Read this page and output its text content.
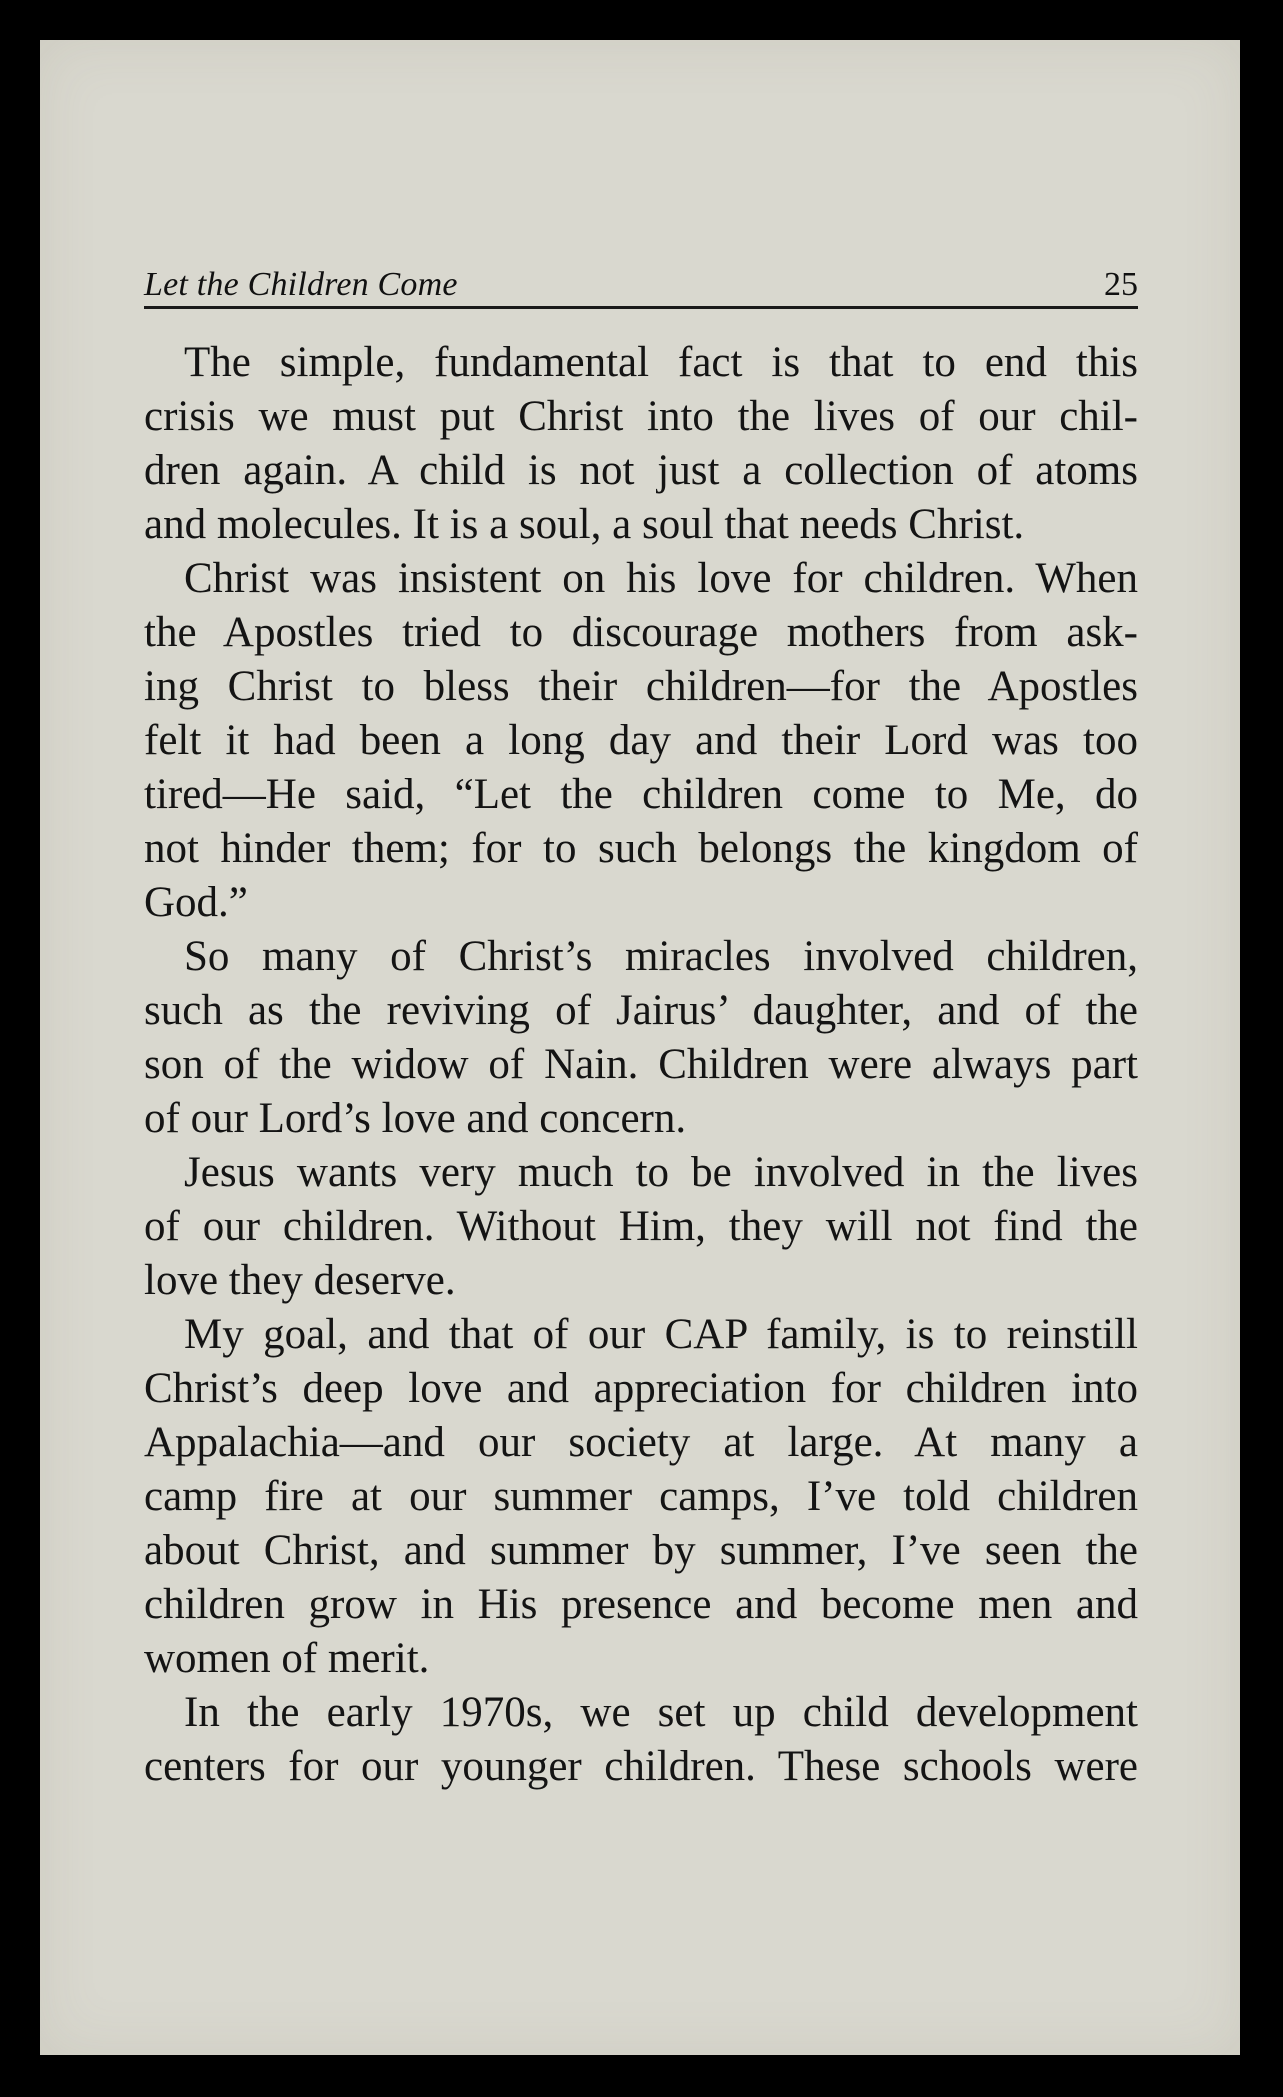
Let the Children Come	25
The simple, fundamental fact is that to end this
crisis we must put Christ into the lives of our chil-
dren again. A child is not just a collection of atoms
and molecules. It is a soul, a soul that needs Christ.
Christ was insistent on his love for children. When
the Apostles tried to discourage mothers from ask-
ing Christ to bless their children—for the Apostles
felt it had been a long day and their Lord was too
tired—He said, “Let the children come to Me, do
not hinder them; for to such belongs the kingdom of
God.”
So many of Christ’s miracles involved children,
such as the reviving of Jairus’ daughter, and of the
son of the widow of Nain. Children were always part
of our Lord’s love and concern.
Jesus wants very much to be involved in the lives
of our children. Without Him, they will not find the
love they deserve.
My goal, and that of our CAP family, is to reinstill
Christ’s deep love and appreciation for children into
Appalachia—and our society at large. At many a
camp fire at our summer camps, I’ve told children
about Christ, and summer by summer, I’ve seen the
children grow in His presence and become men and
women of merit.
In the early 1970s, we set up child development
centers for our younger children. These schools were
